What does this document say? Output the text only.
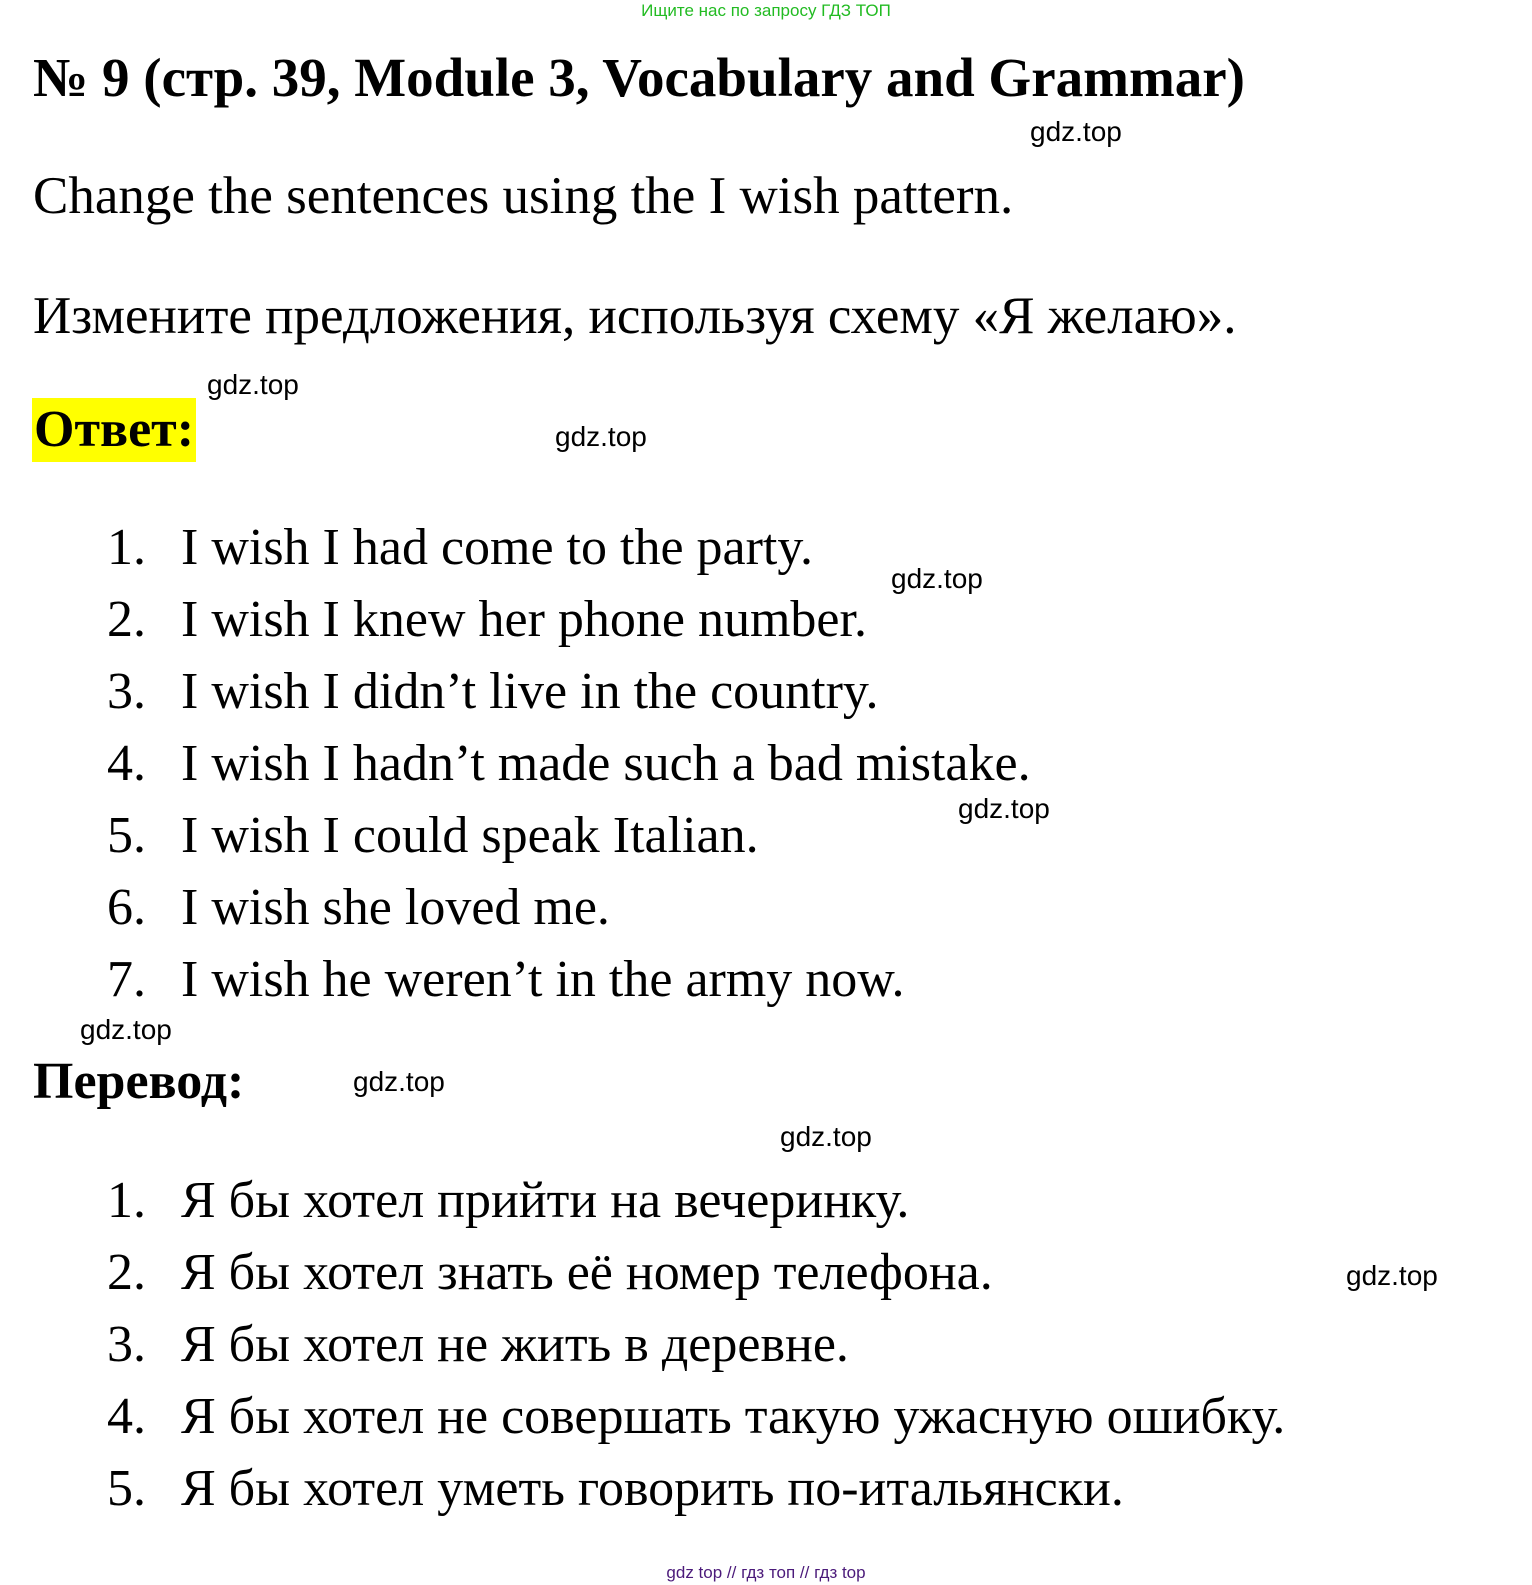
Ищите нас по запросу ГДЗ ТОП
№ 9 (стр. 39, Module 3, Vocabulary and Grammar)
Change the sentences using the I wish pattern.
Измените предложения, используя схему «Я желаю».
Ответ:
1. I wish I had come to the party.
2. I wish I knew her phone number.
3. I wish I didn’t live in the country.
4. I wish I hadn’t made such a bad mistake.
5. I wish I could speak Italian.
6. I wish she loved me.
7. I wish he weren’t in the army now.
Перевод:
1. Я бы хотел прийти на вечеринку.
2. Я бы хотел знать её номер телефона.
3. Я бы хотел не жить в деревне.
4. Я бы хотел не совершать такую ужасную ошибку.
5. Я бы хотел уметь говорить по-итальянски.
gdz.top
gdz.top
gdz.top
gdz.top
gdz.top
gdz.top
gdz.top
gdz.top
gdz.top
gdz top // гдз топ // гдз top
